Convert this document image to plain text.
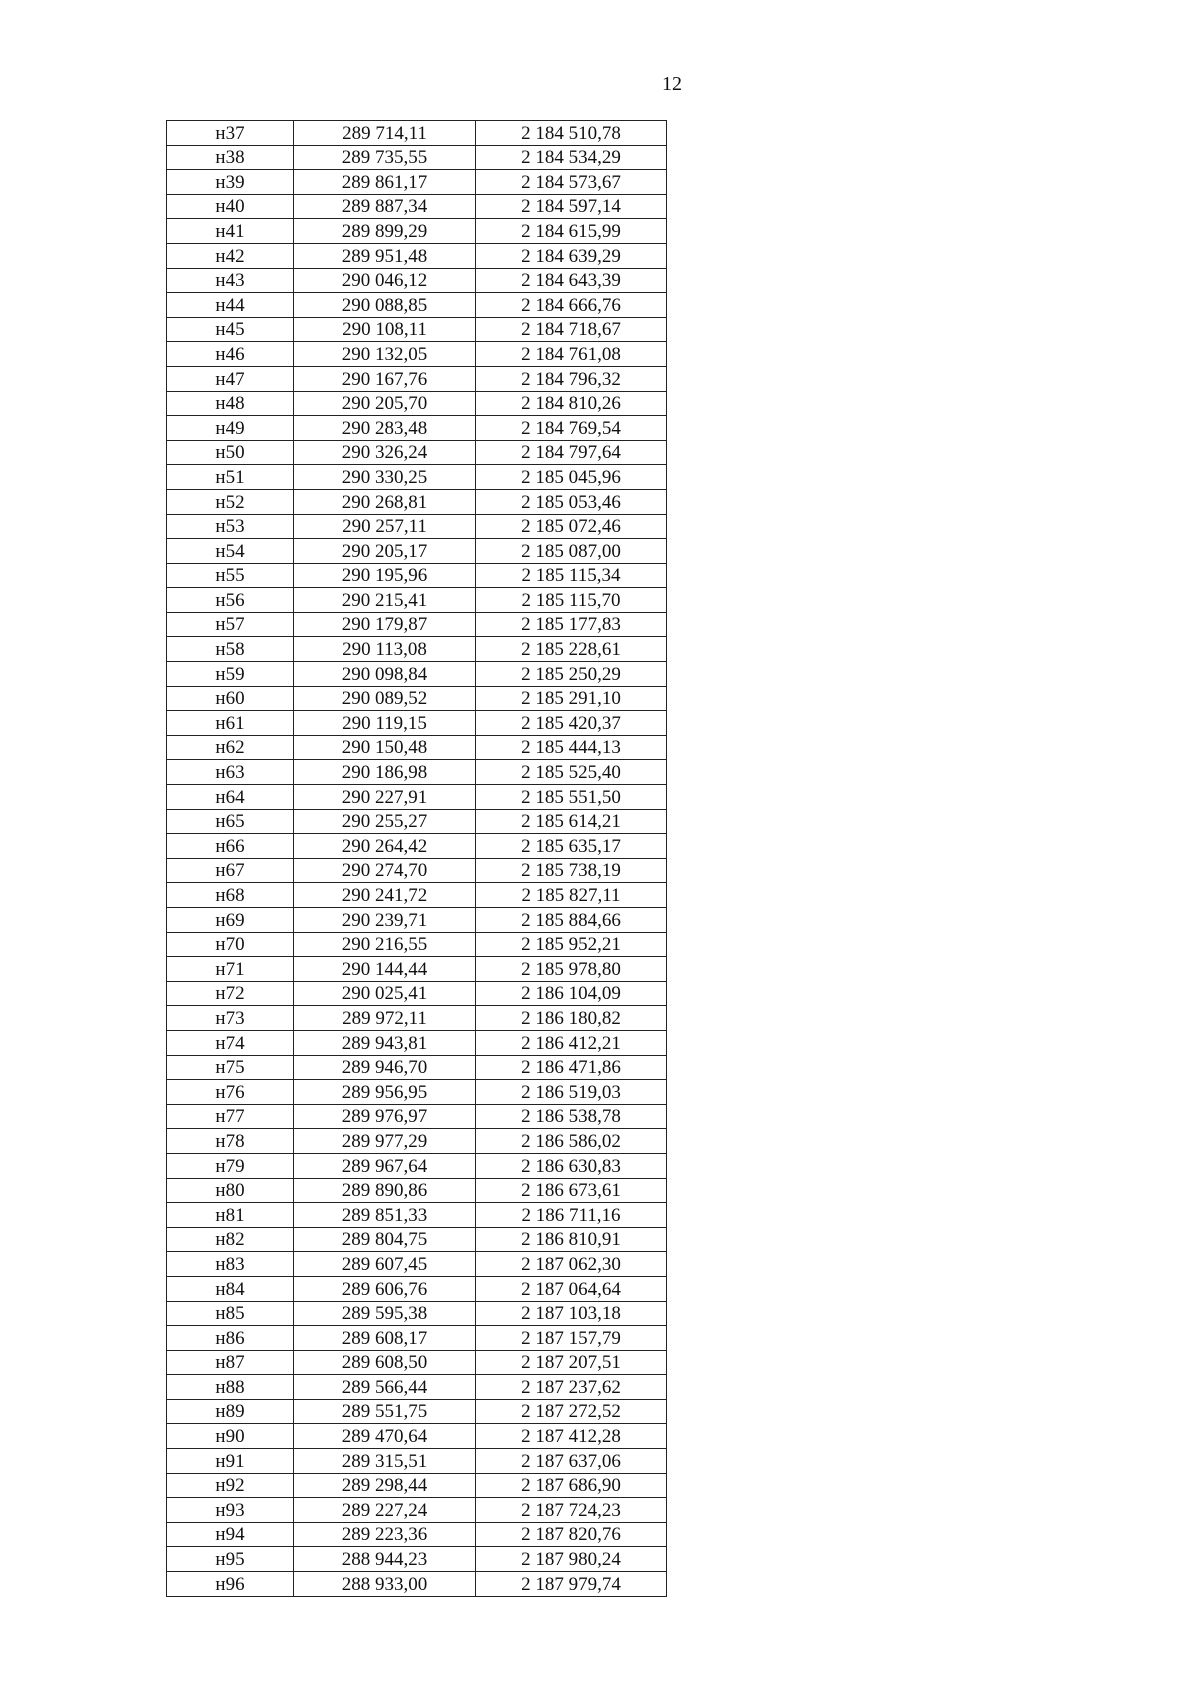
12
н37	289 714,11	2 184 510,78
н38	289 735,55	2 184 534,29
н39	289 861,17	2 184 573,67
н40	289 887,34	2 184 597,14
н41	289 899,29	2 184 615,99
н42	289 951,48	2 184 639,29
н43	290 046,12	2 184 643,39
н44	290 088,85	2 184 666,76
н45	290 108,11	2 184 718,67
н46	290 132,05	2 184 761,08
н47	290 167,76	2 184 796,32
н48	290 205,70	2 184 810,26
н49	290 283,48	2 184 769,54
н50	290 326,24	2 184 797,64
н51	290 330,25	2 185 045,96
н52	290 268,81	2 185 053,46
н53	290 257,11	2 185 072,46
н54	290 205,17	2 185 087,00
н55	290 195,96	2 185 115,34
н56	290 215,41	2 185 115,70
н57	290 179,87	2 185 177,83
н58	290 113,08	2 185 228,61
н59	290 098,84	2 185 250,29
н60	290 089,52	2 185 291,10
н61	290 119,15	2 185 420,37
н62	290 150,48	2 185 444,13
н63	290 186,98	2 185 525,40
н64	290 227,91	2 185 551,50
н65	290 255,27	2 185 614,21
н66	290 264,42	2 185 635,17
н67	290 274,70	2 185 738,19
н68	290 241,72	2 185 827,11
н69	290 239,71	2 185 884,66
н70	290 216,55	2 185 952,21
н71	290 144,44	2 185 978,80
н72	290 025,41	2 186 104,09
н73	289 972,11	2 186 180,82
н74	289 943,81	2 186 412,21
н75	289 946,70	2 186 471,86
н76	289 956,95	2 186 519,03
н77	289 976,97	2 186 538,78
н78	289 977,29	2 186 586,02
н79	289 967,64	2 186 630,83
н80	289 890,86	2 186 673,61
н81	289 851,33	2 186 711,16
н82	289 804,75	2 186 810,91
н83	289 607,45	2 187 062,30
н84	289 606,76	2 187 064,64
н85	289 595,38	2 187 103,18
н86	289 608,17	2 187 157,79
н87	289 608,50	2 187 207,51
н88	289 566,44	2 187 237,62
н89	289 551,75	2 187 272,52
н90	289 470,64	2 187 412,28
н91	289 315,51	2 187 637,06
н92	289 298,44	2 187 686,90
н93	289 227,24	2 187 724,23
н94	289 223,36	2 187 820,76
н95	288 944,23	2 187 980,24
н96	288 933,00	2 187 979,74
